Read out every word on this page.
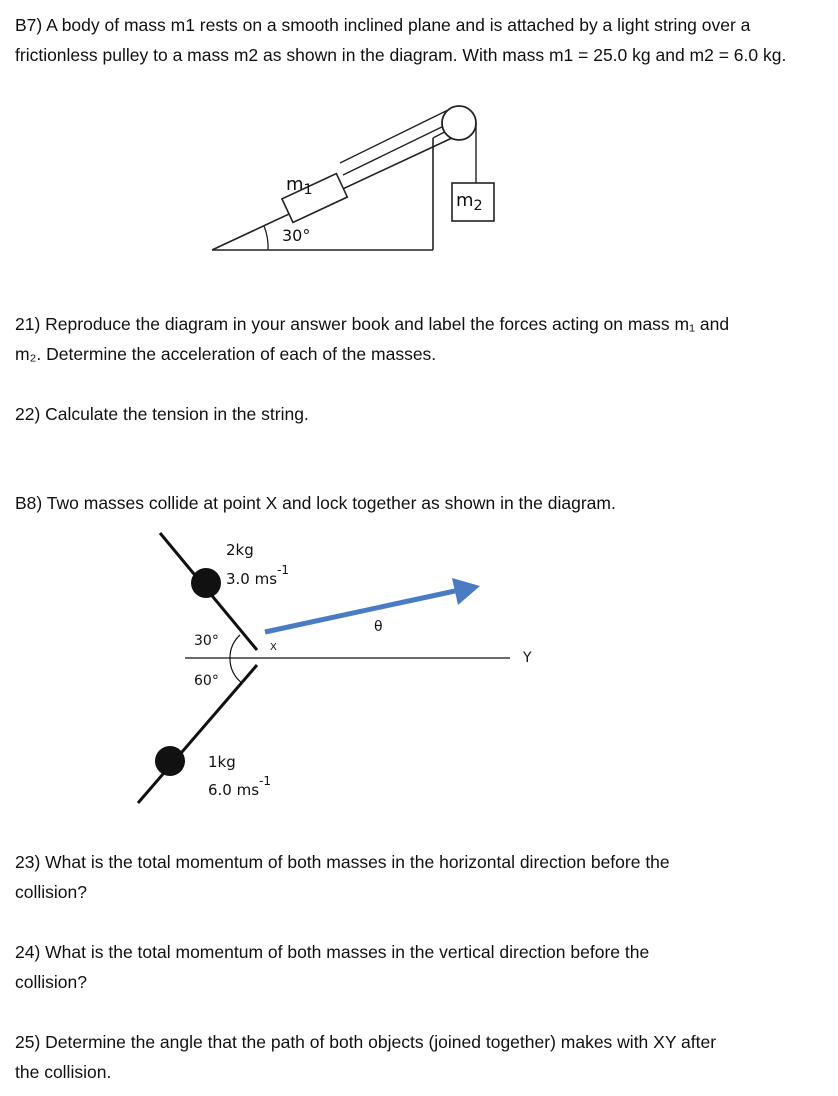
B7) A body of mass m1 rests on a smooth inclined plane and is attached by a light string over a frictionless pulley to a mass m2 as shown in the diagram. With mass m1 = 25.0 kg and m2 = 6.0 kg.

$m_1$	$m_2$
30°

21) Reproduce the diagram in your answer book and label the forces acting on mass m₁ and

m₂. Determine the acceleration of each of the masses.

22) Calculate the tension in the string.

B8) Two masses collide at point X and lock together as shown in the diagram.

2kg
3.0 $ms^{-1}$
30°
60°
X
θ
Y
1kg
6.0 $ms^{-1}$

23) What is the total momentum of both masses in the horizontal direction before the

collision?

24) What is the total momentum of both masses in the vertical direction before the

collision?

25) Determine the angle that the path of both objects (joined together) makes with XY after

the collision.
